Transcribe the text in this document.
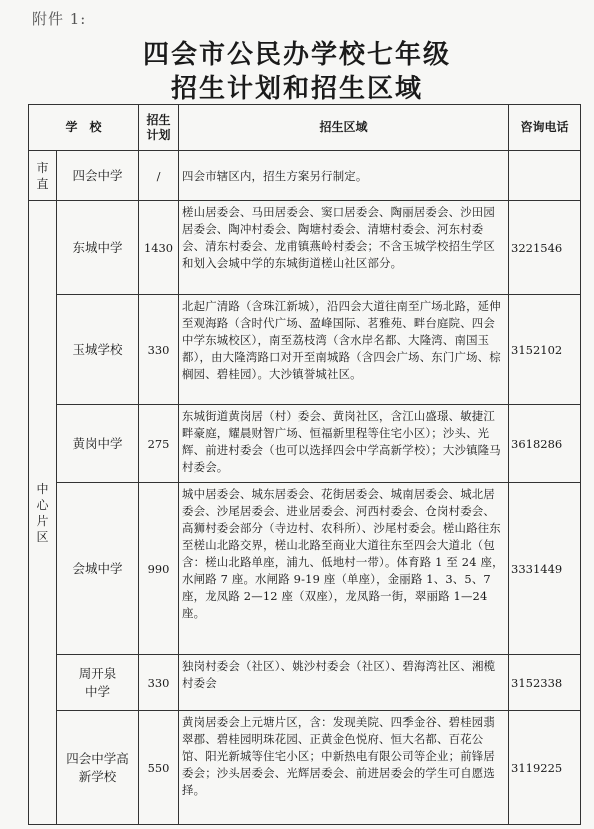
附件 1:
四会市公民办学校七年级
招生计划和招生区域
学　校		招生计划	招生区域	咨询电话

市直	四会中学	/	四会市辖区内，招生方案另行制定。	

中心片区	东城中学	1430	槎山居委会、马田居委会、窦口居委会、陶丽居委会、沙田园居委会、陶冲村委会、陶塘村委会、清塘村委会、河东村委会、清东村委会、龙甫镇燕岭村委会；不含玉城学校招生学区和划入会城中学的东城街道槎山社区部分。	3221546
	玉城学校	330	北起广清路（含珠江新城），沿四会大道往南至广场北路，延伸至观海路（含时代广场、盈峰国际、茗雅苑、畔台庭院、四会中学东城校区），南至荔枝湾（含水岸名都、大隆湾、南国玉都），由大隆湾路口对开至南城路（含四会广场、东门广场、棕榈园、碧桂园）。大沙镇誉城社区。	3152102
	黄岗中学	275	东城街道黄岗居（村）委会、黄岗社区，含江山盛璟、敏捷江畔豪庭，耀晨财智广场、恒福新里程等住宅小区）；沙头、光辉、前进村委会（也可以选择四会中学高新学校）；大沙镇隆马村委会。	3618286
	会城中学	990	城中居委会、城东居委会、花街居委会、城南居委会、城北居委会、沙尾居委会、进业居委会、河西村委会、仓岗村委会、高狮村委会部分（寺边村、农科所）、沙尾村委会。槎山路往东至槎山北路交界，槎山北路至商业大道往东至四会大道北（包含：槎山北路单座，浦九、低地村一带）。体育路 1 至 24 座，水闸路 7 座。水闸路 9-19 座（单座），金丽路 1、3、5、7 座，龙凤路 2—12 座（双座），龙凤路一街，翠丽路 1—24 座。	3331449

	周开泉中学	330	独岗村委会（社区）、姚沙村委会（社区）、碧海湾社区、湘榄村委会	3152338

	四会中学高新学校	550	黄岗居委会上元塘片区，含：发现美院、四季金谷、碧桂园翡翠郡、碧桂园明珠花园、正黄金色悦府、恒大名都、百花公馆、阳光新城等住宅小区；中新热电有限公司等企业；前锋居委会；沙头居委会、光辉居委会、前进居委会的学生可自愿选择。	3119225
